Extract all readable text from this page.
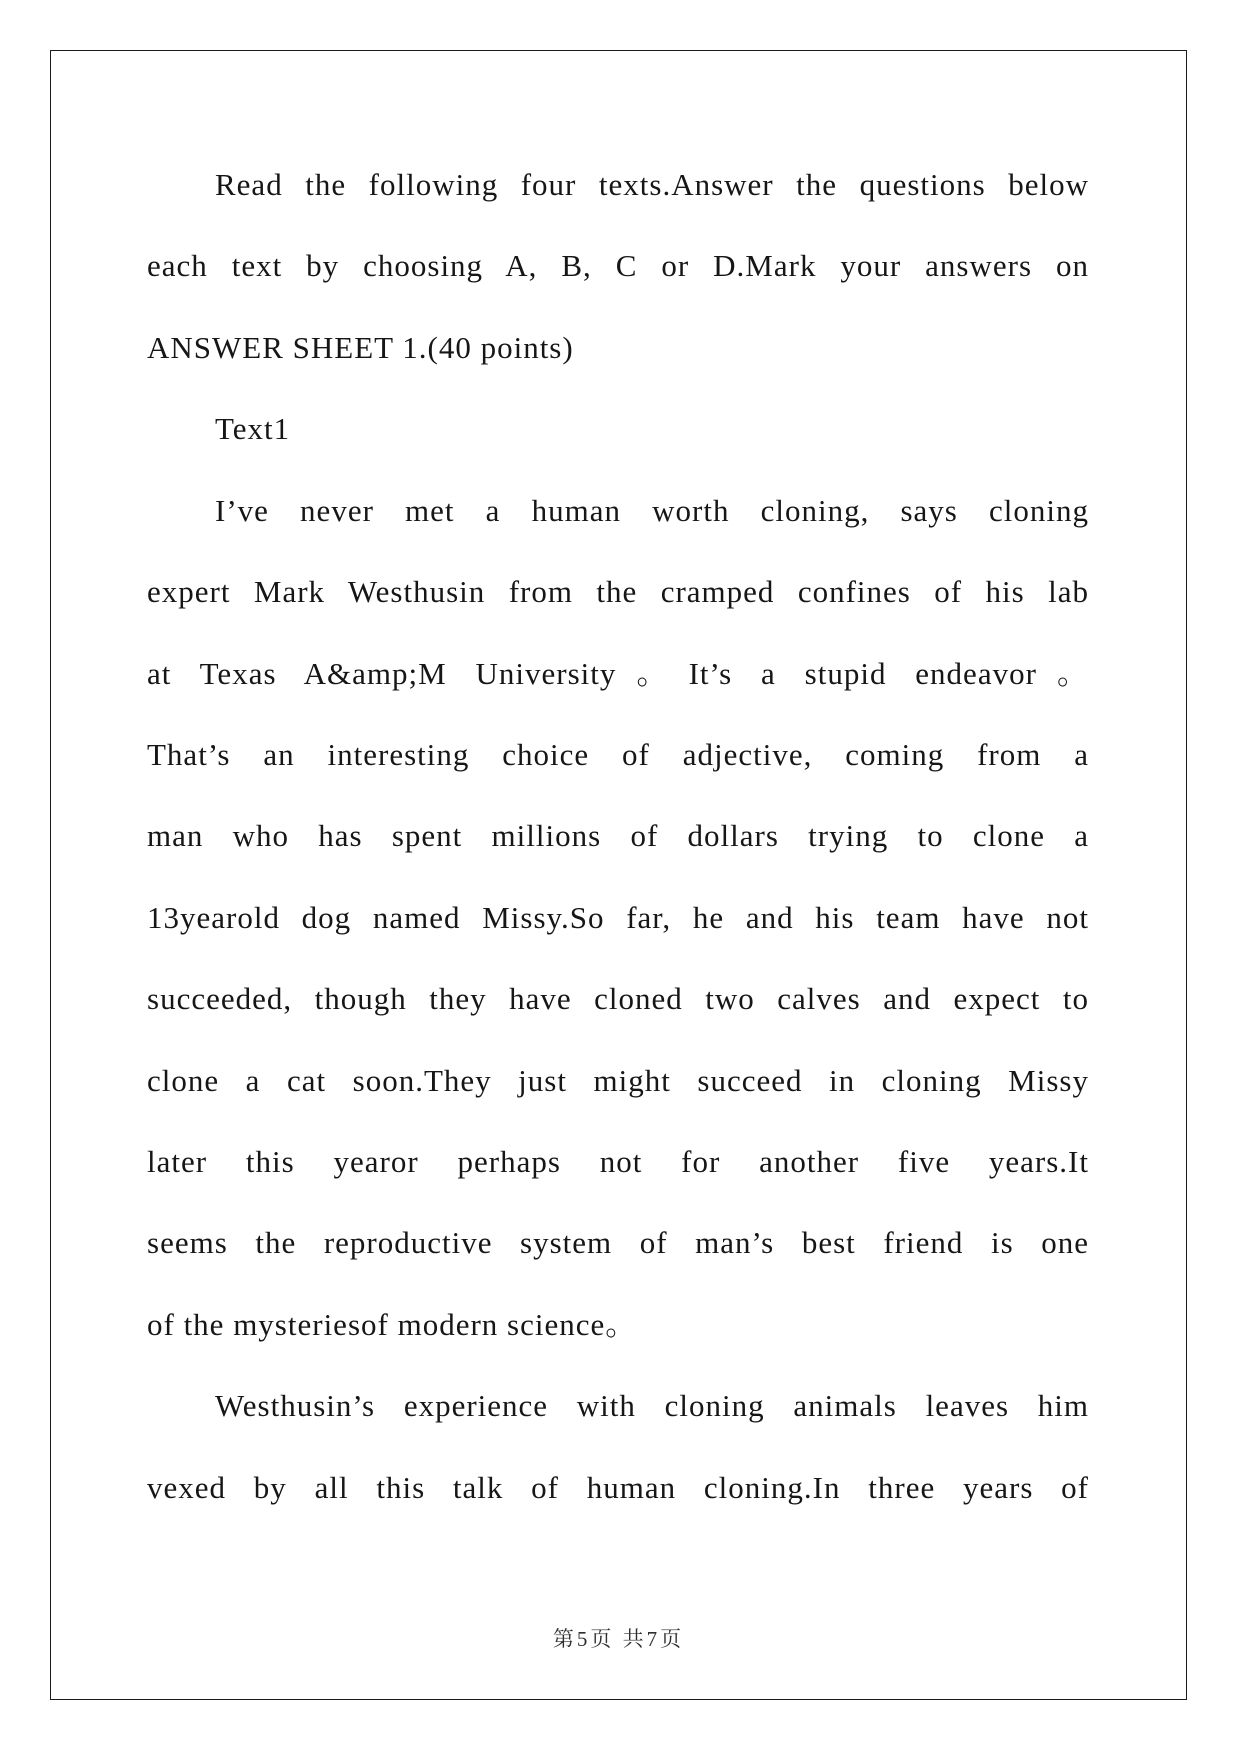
Read the following four texts.Answer the questions below
each text by choosing A, B, C or D.Mark your answers on
ANSWER SHEET 1.(40 points)
Text1
I’ve never met a human worth cloning, says cloning
expert Mark Westhusin from the cramped confines of his lab
at Texas A&amp;M University。It’s a stupid endeavor。
That’s an interesting choice of adjective, coming from a
man who has spent millions of dollars trying to clone a
13yearold dog named Missy.So far, he and his team have not
succeeded, though they have cloned two calves and expect to
clone a cat soon.They just might succeed in cloning Missy
later this yearor perhaps not for another five years.It
seems the reproductive system of man’s best friend is one
of the mysteriesof modern science。
Westhusin’s experience with cloning animals leaves him
vexed by all this talk of human cloning.In three years of
第5页 共7页
